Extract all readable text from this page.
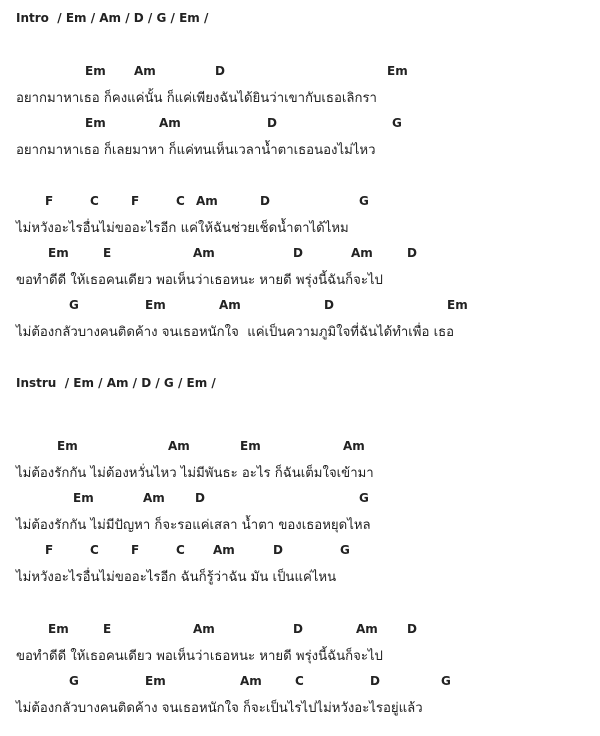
Intro  / Em / Am / D / G / Em /
Em Am	D	Em
อยากมาหาเธอ ก็คงแค่นั้น ก็แค่เพียงฉันได้ยินว่าเขากับเธอเลิกรา
Em	Am	D	G
อยากมาหาเธอ ก็เลยมาหา ก็แค่ทนเห็นเวลาน้ำตาเธอนองไม่ไหว
F	C	F	C Am	D	G
ไม่หวังอะไรอื่นไม่ขออะไรอีก แค่ให้ฉันช่วยเช็ดน้ำตาได้ไหม
Em	E	Am	D	Am	D
ขอทำดีดี ให้เธอคนเดียว พอเห็นว่าเธอหนะ หายดี พรุ่งนี้ฉันก็จะไป
G	Em	Am	D	Em
ไม่ต้องกลัวบางคนติดค้าง จนเธอหนักใจ  แค่เป็นความภูมิใจที่ฉันได้ทำเพื่อ เธอ
Instru  / Em / Am / D / G / Em /
Em	Am	Em	Am
ไม่ต้องรักกัน ไม่ต้องหวั่นไหว ไม่มีพันธะ อะไร ก็ฉันเต็มใจเข้ามา
Em	Am	D	G
ไม่ต้องรักกัน ไม่มีปัญหา ก็จะรอแค่เสลา น้ำตา ของเธอหยุดไหล
F	C	F	C Am	D	G
ไม่หวังอะไรอื่นไม่ขออะไรอีก ฉันก็รู้ว่าฉัน มัน เป็นแค่ไหน
Em	E	Am	D	Am D
ขอทำดีดี ให้เธอคนเดียว พอเห็นว่าเธอหนะ หายดี พรุ่งนี้ฉันก็จะไป
G	Em	Am	C	D	G
ไม่ต้องกลัวบางคนติดค้าง จนเธอหนักใจ ก็จะเป็นไรไปไม่หวังอะไรอยู่แล้ว
